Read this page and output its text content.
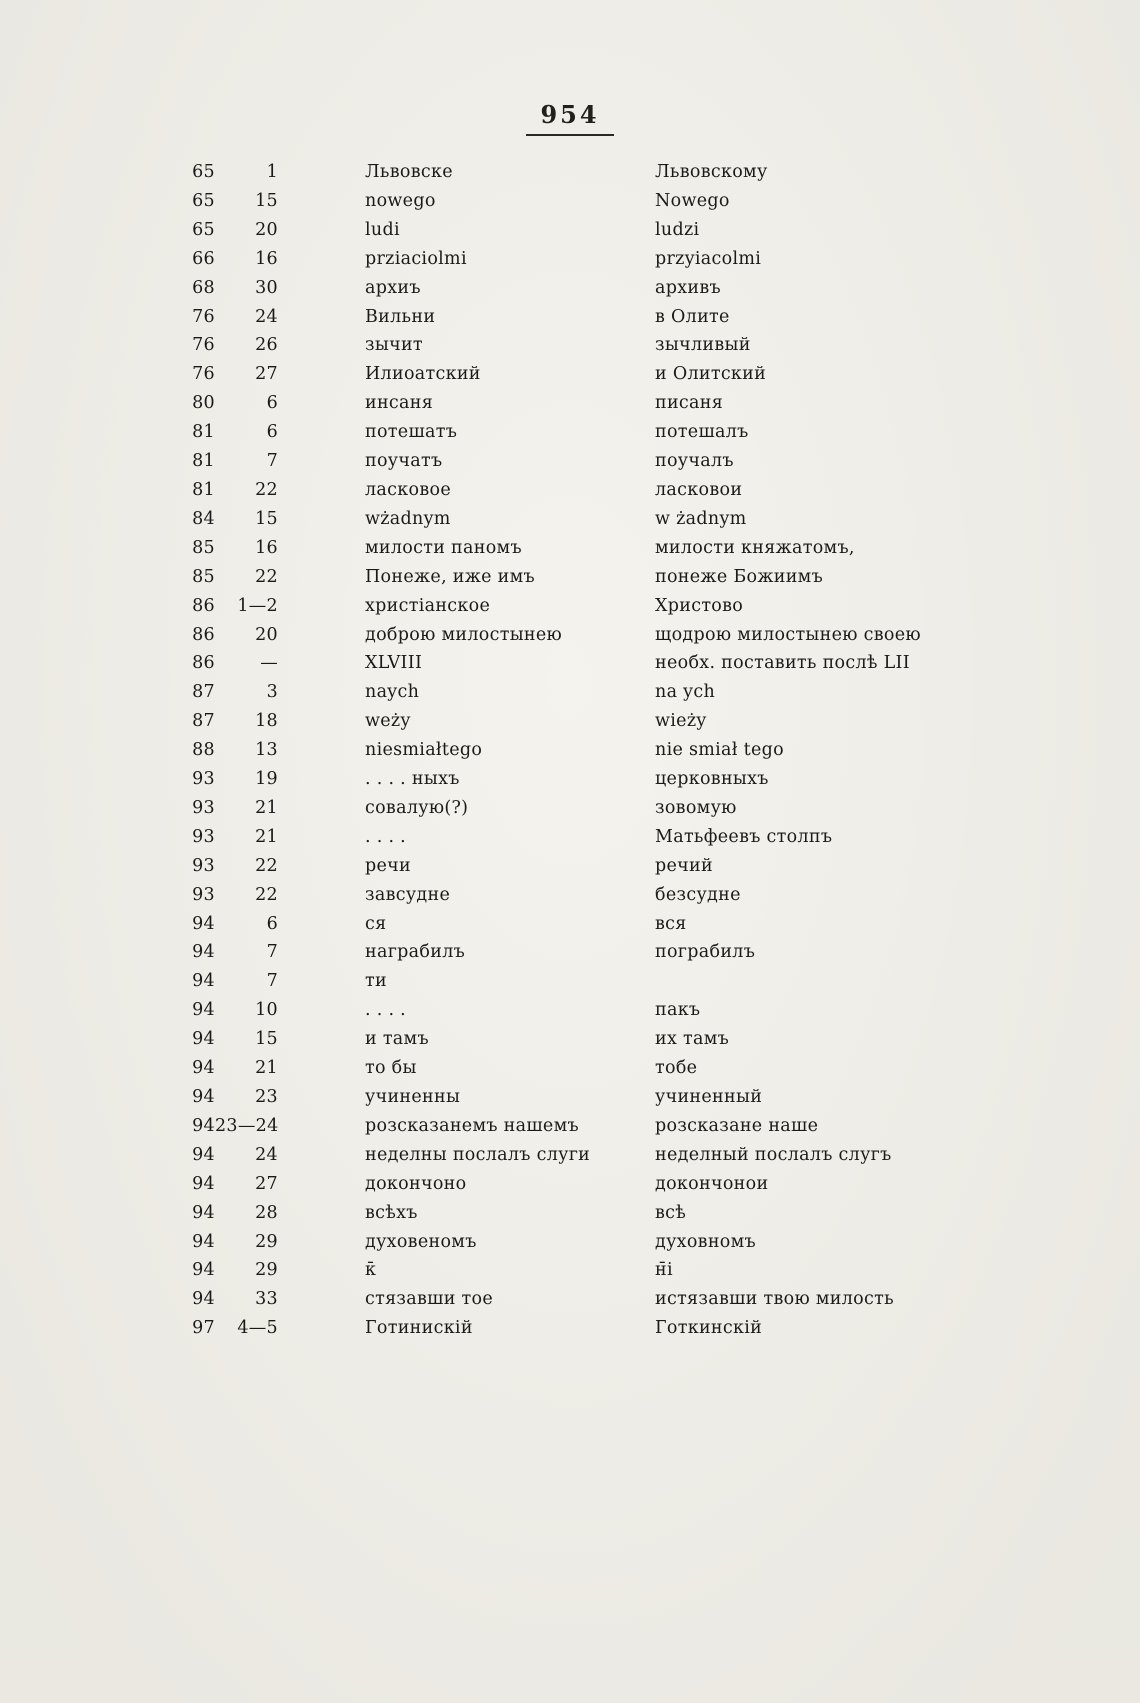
954
65	1	Львовске	Львовскому
65	15	nowego	Nowego
65	20	ludi	ludzi
66	16	prziaciolmi	przyiacolmi
68	30	архиъ	архивъ
76	24	Вильни	в Олите
76	26	зычит	зычливый
76	27	Илиоатский	и Олитский
80	6	инсаня	писаня
81	6	потешатъ	потешалъ
81	7	поучатъ	поучалъ
81	22	ласковое	ласковои
84	15	wżadnym	w żadnym
85	16	милости паномъ	милости княжатомъ,
85	22	Понеже, иже имъ	понеже Божиимъ
86	1—2	христіанское	Христово
86	20	доброю милостынею	щодрою милостынею своею
86	—	XLVIII	необх. поставить послѣ LII
87	3	naych	na ych
87	18	weży	wieży
88	13	niesmiałtego	nie smiał tego
93	19	. . . . ныхъ	церковныхъ
93	21	совалую(?)	зовомую
93	21	. . . .	Матьфеевъ столпъ
93	22	речи	речий
93	22	завсудне	безсудне
94	6	ся	вся
94	7	награбилъ	пограбилъ
94	7	ти
94	10	. . . .	пакъ
94	15	и тамъ	их тамъ
94	21	то бы	тобе
94	23	учиненны	учиненный
94 23—24	розсказанемъ нашемъ	розсказане наше
94	24	неделны послалъ слуги	неделный послалъ слугъ
94	27	докончоно	докончонои
94	28	всѣхъ	всѣ
94	29	духовеномъ	духовномъ
94	29	к̄	н̄і
94	33	стязавши тое	истязавши твою милость
97	4—5	Готинискій	Готкинскій
